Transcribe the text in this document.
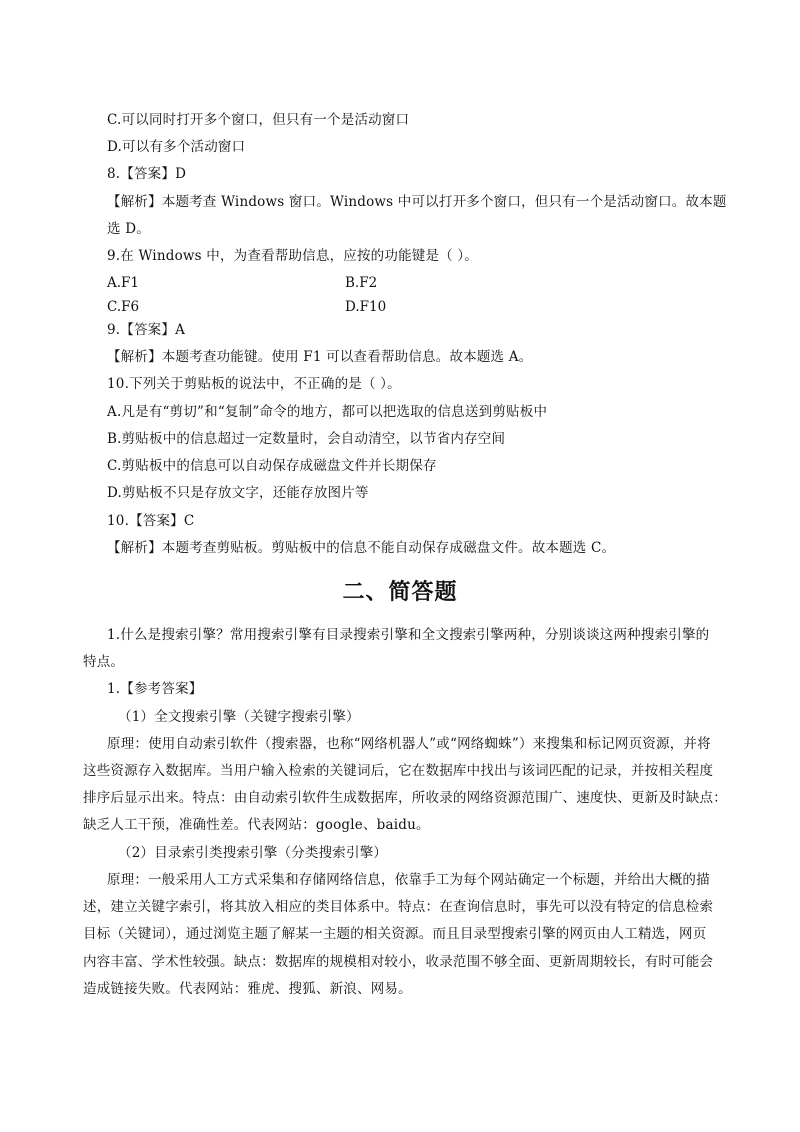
C.可以同时打开多个窗口，但只有一个是活动窗口
D.可以有多个活动窗口
8.【答案】D
【解析】本题考查 Windows 窗口。Windows 中可以打开多个窗口，但只有一个是活动窗口。故本题
选 D。
9.在 Windows 中，为查看帮助信息，应按的功能键是（ ）。
A.F1	B.F2
C.F6	D.F10
9.【答案】A
【解析】本题考查功能键。使用 F1 可以查看帮助信息。故本题选 A。
10.下列关于剪贴板的说法中，不正确的是（ ）。
A.凡是有“剪切”和“复制”命令的地方，都可以把选取的信息送到剪贴板中
B.剪贴板中的信息超过一定数量时，会自动清空，以节省内存空间
C.剪贴板中的信息可以自动保存成磁盘文件并长期保存
D.剪贴板不只是存放文字，还能存放图片等
10.【答案】C
【解析】本题考查剪贴板。剪贴板中的信息不能自动保存成磁盘文件。故本题选 C。
二、简答题
1.什么是搜索引擎？常用搜索引擎有目录搜索引擎和全文搜索引擎两种，分别谈谈这两种搜索引擎的
特点。
1.【参考答案】
（1）全文搜索引擎（关键字搜索引擎）
原理：使用自动索引软件（搜索器，也称“网络机器人”或“网络蜘蛛”）来搜集和标记网页资源，并将
这些资源存入数据库。当用户输入检索的关键词后，它在数据库中找出与该词匹配的记录，并按相关程度
排序后显示出来。特点：由自动索引软件生成数据库，所收录的网络资源范围广、速度快、更新及时缺点：
缺乏人工干预，准确性差。代表网站：google、baidu。
（2）目录索引类搜索引擎（分类搜索引擎）
原理：一般采用人工方式采集和存储网络信息，依靠手工为每个网站确定一个标题，并给出大概的描
述，建立关键字索引，将其放入相应的类目体系中。特点：在查询信息时，事先可以没有特定的信息检索
目标（关键词），通过浏览主题了解某一主题的相关资源。而且目录型搜索引擎的网页由人工精选，网页
内容丰富、学术性较强。缺点：数据库的规模相对较小，收录范围不够全面、更新周期较长，有时可能会
造成链接失败。代表网站：雅虎、搜狐、新浪、网易。
